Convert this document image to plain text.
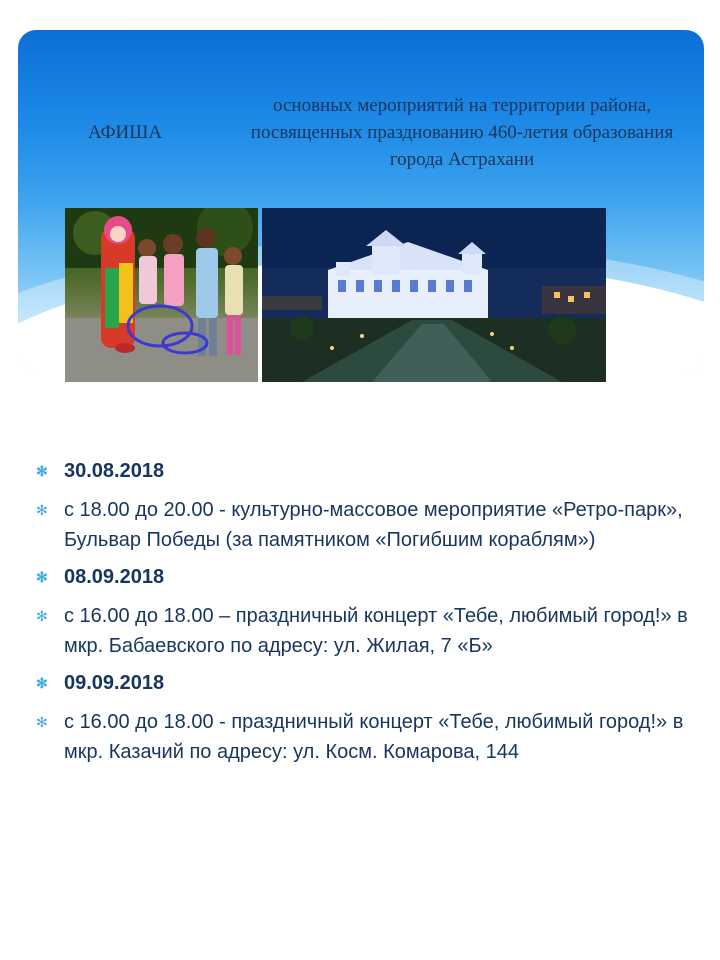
АФИША
основных мероприятий на территории района, посвященных празднованию 460-летия образования города Астрахани
✻ 30.08.2018
✻ с 18.00 до 20.00 - культурно-массовое мероприятие «Ретро-парк», Бульвар Победы (за памятником «Погибшим кораблям»)
✻ 08.09.2018
✻ с 16.00 до 18.00 – праздничный концерт «Тебе, любимый город!» в мкр. Бабаевского по адресу: ул. Жилая, 7 «Б»
✻ 09.09.2018
✻ с 16.00 до 18.00 - праздничный концерт «Тебе, любимый город!» в мкр. Казачий по адресу: ул. Косм. Комарова, 144
